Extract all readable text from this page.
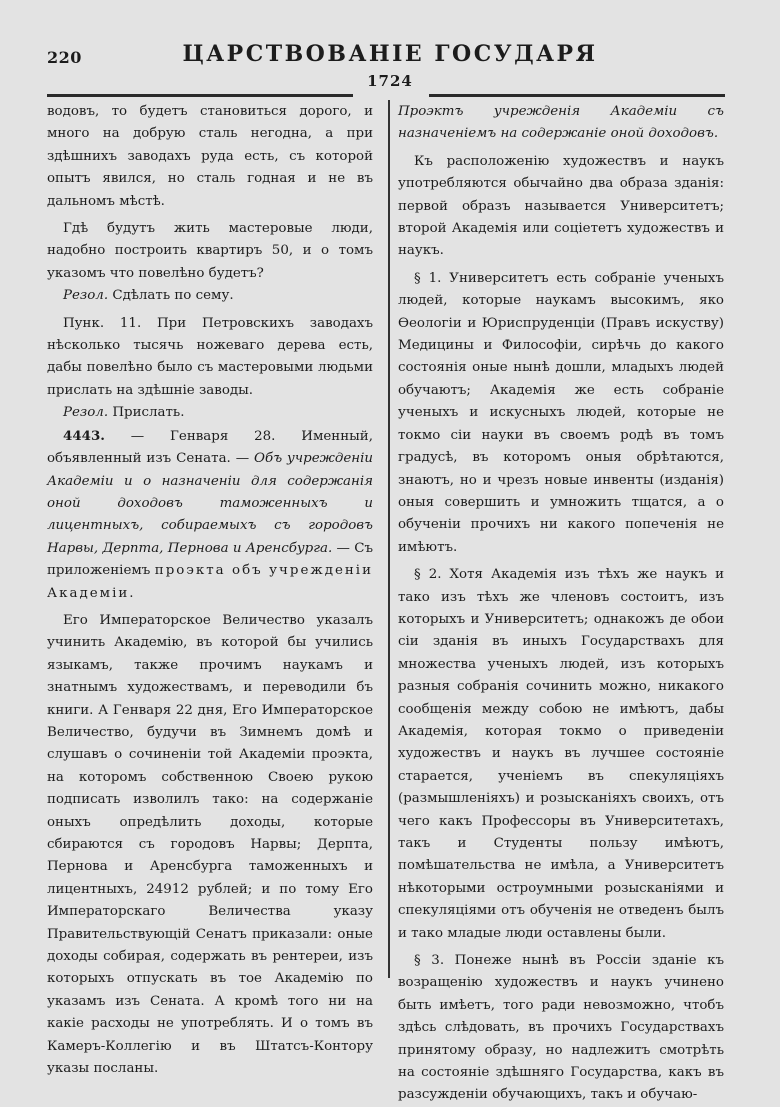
220	ЦАРСТВОВАНІЕ ГОСУДАРЯ
1724

водовъ, то будетъ становиться дорого, и много на добрую сталь негодна, а при здѣшнихъ заводахъ руда есть, съ которой опытъ явился, но сталь годная и не въ дальномъ мѣстѣ.

Гдѣ будутъ жить мастеровые люди, надобно построить квартиръ 50, и о томъ указомъ что повелѣно будетъ?

Резол. Сдѣлать по сему.

Пунк. 11. При Петровскихъ заводахъ нѣсколько тысячь ножеваго дерева есть, дабы повелѣно было съ мастеровыми людьми прислать на здѣшніе заводы.

Резол. Прислать.

4443. — Генваря 28. Именный, объявленный изъ Сената. — Объ учрежденіи Академіи и о назначеніи для содержанія оной доходовъ таможенныхъ и лицентныхъ, собираемыхъ съ городовъ Нарвы, Дерпта, Пернова и Аренсбурга. — Съ приложеніемъ проэкта объ учрежденіи Академіи.

Его Императорское Величество указалъ учинить Академію, въ которой бы учились языкамъ, также прочимъ наукамъ и знатнымъ художествамъ, и переводили бъ книги. А Генваря 22 дня, Его Императорское Величество, будучи въ Зимнемъ домѣ и слушавъ о сочиненіи той Академіи проэкта, на которомъ собственною Своею рукою подписать изволилъ тако: на содержаніе оныхъ опредѣлить доходы, которые сбираются съ городовъ Нарвы; Дерпта, Пернова и Аренсбурга таможенныхъ и лицентныхъ, 24912 рублей; и по тому Его Императорскаго Величества указу Правительствующій Сенатъ приказали: оные доходы собирая, содержать въ рентереи, изъ которыхъ отпускать въ тое Академію по указамъ изъ Сената. А кромѣ того ни на какіе расходы не употреблять. И о томъ въ Камеръ-Коллегію и въ Штатсъ-Контору указы посланы.

Проэктъ учрежденія Академіи съ назначеніемъ на содержаніе оной доходовъ.

Къ расположенію художествъ и наукъ употребляются обычайно два образа зданія: первой образъ называется Университетъ; второй Академія или соціететъ художествъ и наукъ.

§ 1. Университетъ есть собраніе ученыхъ людей, которые наукамъ высокимъ, яко Ѳеологіи и Юриспруденціи (Правъ искуству) Медицины и Философіи, сирѣчь до какого состоянія оные нынѣ дошли, младыхъ людей обучаютъ; Академія же есть собраніе ученыхъ и искусныхъ людей, которые не токмо сіи науки въ своемъ родѣ въ томъ градусѣ, въ которомъ оныя обрѣтаются, знаютъ, но и чрезъ новые инвенты (изданія) оныя совершить и умножить тщатся, а о обученіи прочихъ ни какого попеченія не имѣютъ.

§ 2. Хотя Академія изъ тѣхъ же наукъ и тако изъ тѣхъ же членовъ состоитъ, изъ которыхъ и Университетъ; однакожъ де обои сіи зданія въ иныхъ Государствахъ для множества ученыхъ людей, изъ которыхъ разныя собранія сочинить можно, никакого сообщенія между собою не имѣютъ, дабы Академія, которая токмо о приведеніи художествъ и наукъ въ лучшее состояніе старается, ученіемъ въ спекуляціяхъ (размышленіяхъ) и розысканіяхъ своихъ, отъ чего какъ Профессоры въ Университетахъ, такъ и Студенты пользу имѣютъ, помѣшательства не имѣла, а Университетъ нѣкоторыми остроумными розысканіями и спекуляціями отъ обученія не отведенъ былъ и тако младые люди оставлены были.

§ 3. Понеже нынѣ въ Россіи зданіе къ возращенію художествъ и наукъ учинено быть имѣетъ, того ради невозможно, чтобъ здѣсь слѣдовать, въ прочихъ Государствахъ принятому образу, но надлежитъ смотрѣть на состояніе здѣшняго Государства, какъ въ разсужденіи обучающихъ, такъ и обучаю-
